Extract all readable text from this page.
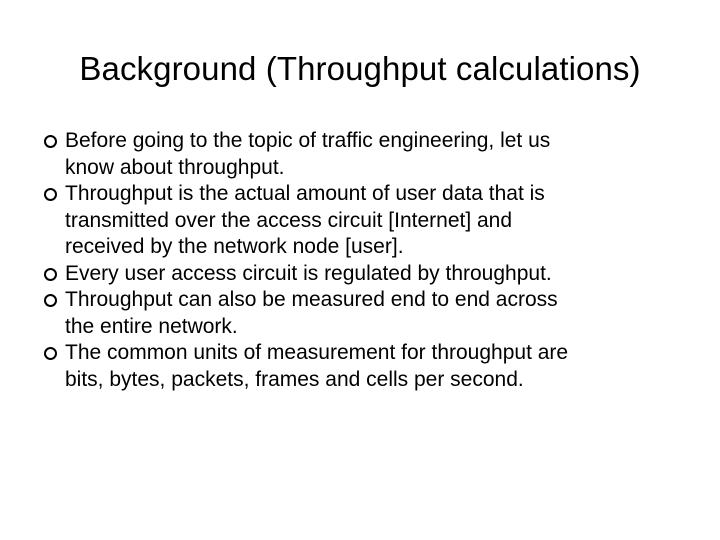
Background (Throughput calculations)
Before going to the topic of traffic engineering, let us
know about throughput.
Throughput is the actual amount of user data that is
transmitted over the access circuit [Internet] and
received by the network node [user].
Every user access circuit is regulated by throughput.
Throughput can also be measured end to end across
the entire network.
The common units of measurement for throughput are
bits, bytes, packets, frames and cells per second.
